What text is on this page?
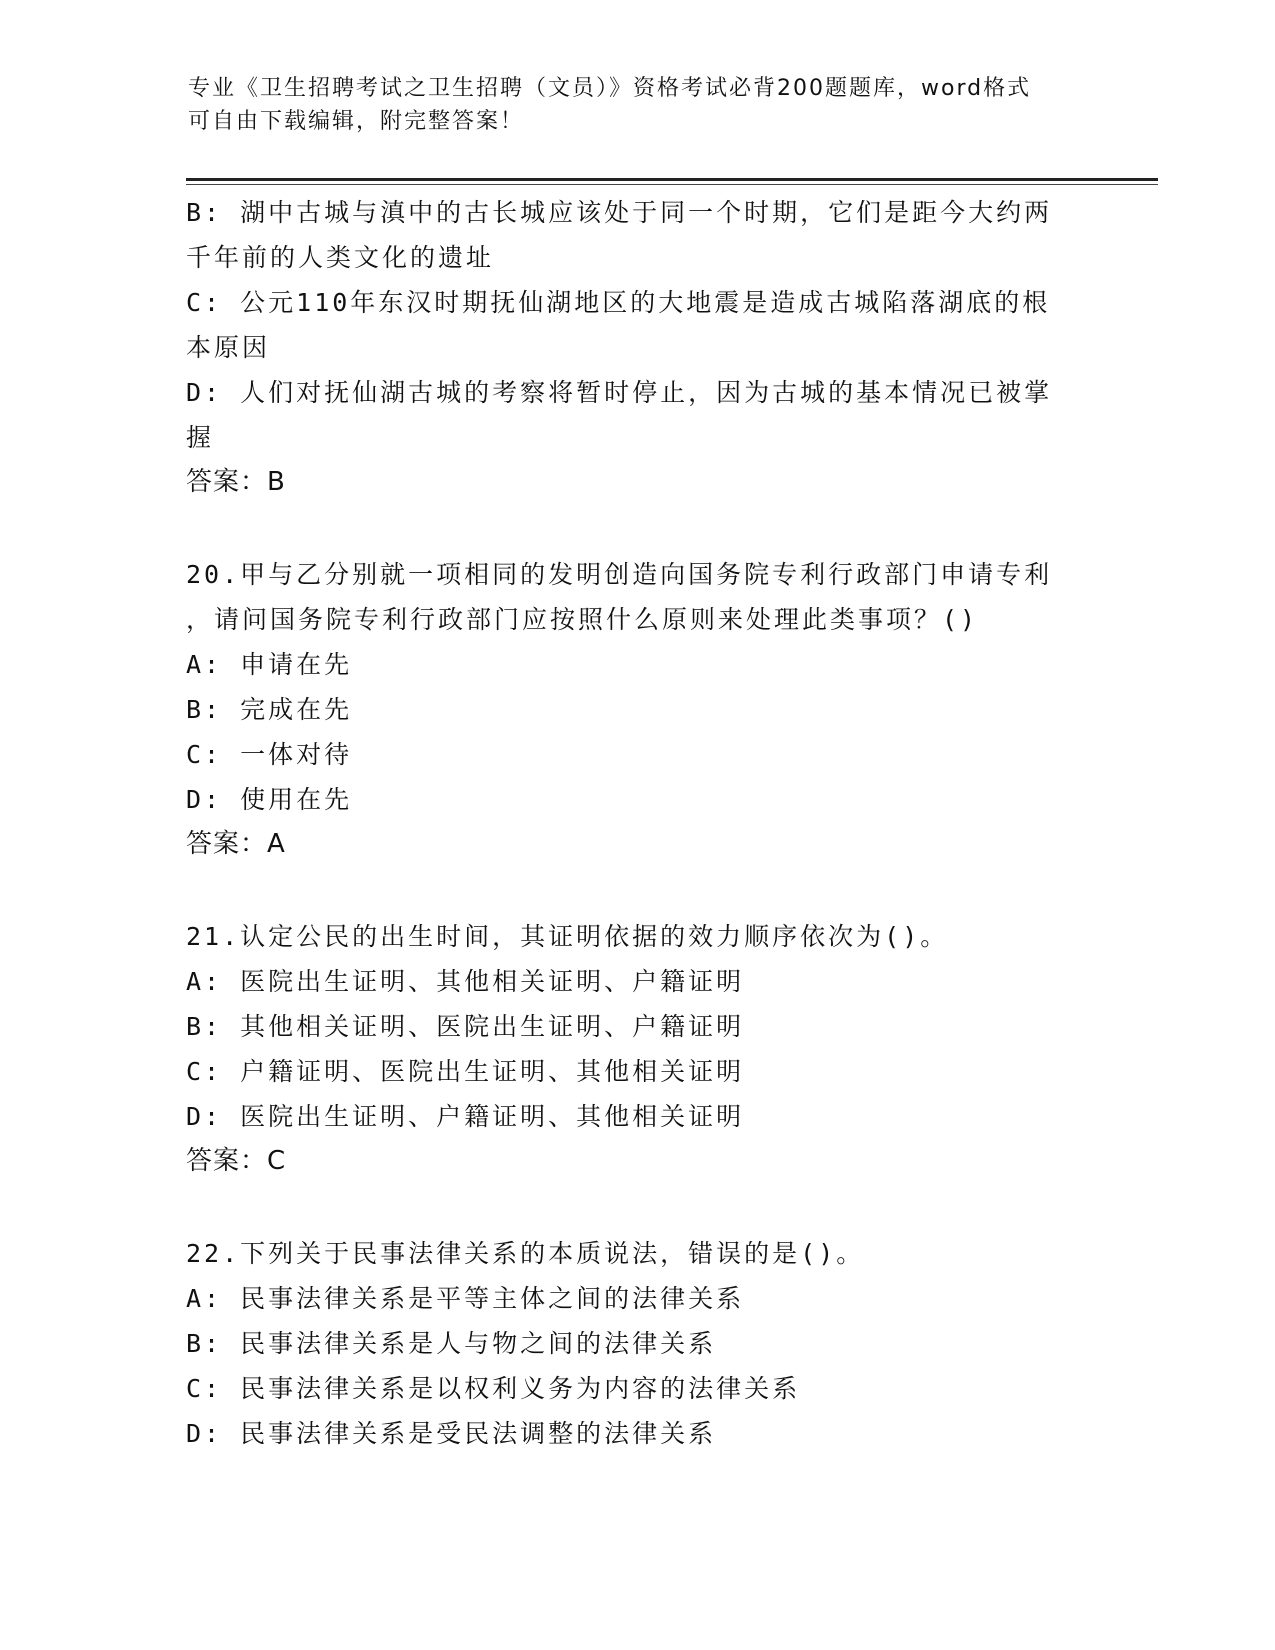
专业《卫生招聘考试之卫生招聘（文员）》资格考试必背200题题库，word格式
可自由下载编辑，附完整答案！

B: 湖中古城与滇中的古长城应该处于同一个时期，它们是距今大约两

千年前的人类文化的遗址

C: 公元110年东汉时期抚仙湖地区的大地震是造成古城陷落湖底的根

本原因

D: 人们对抚仙湖古城的考察将暂时停止，因为古城的基本情况已被掌

握

答案：B

20.甲与乙分别就一项相同的发明创造向国务院专利行政部门申请专利

，请问国务院专利行政部门应按照什么原则来处理此类事项？()

A: 申请在先

B: 完成在先

C: 一体对待

D: 使用在先

答案：A

21.认定公民的出生时间，其证明依据的效力顺序依次为()。

A: 医院出生证明、其他相关证明、户籍证明

B: 其他相关证明、医院出生证明、户籍证明

C: 户籍证明、医院出生证明、其他相关证明

D: 医院出生证明、户籍证明、其他相关证明

答案：C

22.下列关于民事法律关系的本质说法，错误的是()。

A: 民事法律关系是平等主体之间的法律关系

B: 民事法律关系是人与物之间的法律关系

C: 民事法律关系是以权利义务为内容的法律关系

D: 民事法律关系是受民法调整的法律关系
